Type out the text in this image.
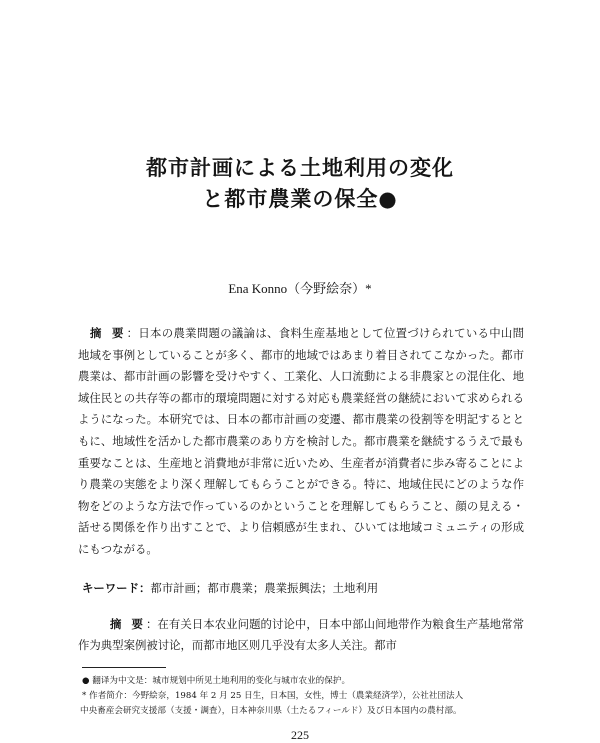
都市計画による土地利用の変化
と都市農業の保全●
Ena Konno（今野絵奈）*

摘 要：日本の農業問題の議論は、食料生産基地として位置づけられている中山間地域を事例としていることが多く、都市的地域ではあまり着目されてこなかった。都市農業は、都市計画の影響を受けやすく、工業化、人口流動による非農家との混住化、地域住民との共存等の都市的環境問題に対する対応も農業経営の継続において求められるようになった。本研究では、日本の都市計画の変遷、都市農業の役割等を明記するとともに、地域性を活かした都市農業のあり方を検討した。都市農業を継続するうえで最も重要なことは、生産地と消費地が非常に近いため、生産者が消費者に歩み寄ることにより農業の実態をより深く理解してもらうことができる。特に、地域住民にどのような作物をどのような方法で作っているのかということを理解してもらうこと、顔の見える・話せる関係を作り出すことで、より信頼感が生まれ、ひいては地域コミュニティの形成にもつながる。

キーワード：都市計画；都市農業；農業振興法；土地利用

摘 要：在有关日本农业问题的讨论中，日本中部山间地带作为粮食生产基地常常作为典型案例被讨论，而都市地区则几乎没有太多人关注。都市

● 翻译为中文是：城市规划中所见土地利用的变化与城市农业的保护。

* 作者简介：今野絵奈，1984 年 2 月 25 日生，日本国，女性，博士（農業経済学），公社社団法人

中央畜産会研究支援部（支援・調査），日本神奈川県（土たるフィールド）及び日本国内の農村部。

225
